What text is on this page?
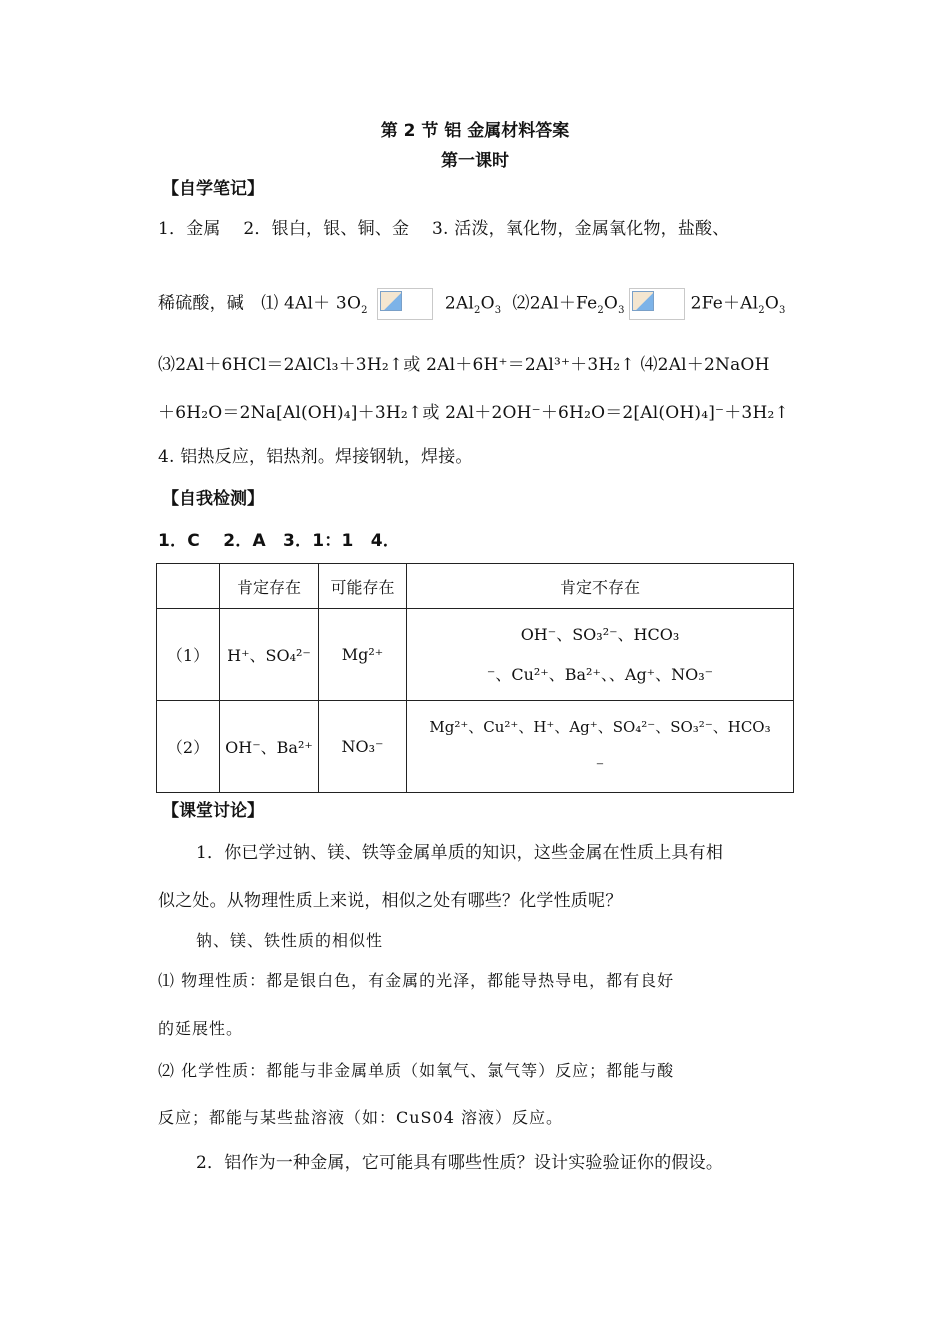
第 2 节 铝 金属材料答案
第一课时
【自学笔记】
1．金属　 2．银白，银、铜、金　 3. 活泼，氧化物，金属氧化物，盐酸、
稀硫酸，碱　⑴ $4Al+ 3O_2$	$2Al_2O_3$ $⑵2Al+Fe_2O_3$	$2Fe+Al_2O_3$
⑶2Al＋6HCl＝2AlCl₃＋3H₂↑或 2Al＋6H⁺＝2Al³⁺＋3H₂↑ ⑷2Al＋2NaOH
＋6H₂O＝2Na[Al(OH)₄]＋3H₂↑或 2Al＋2OH⁻＋6H₂O＝2[Al(OH)₄]⁻＋3H₂↑
4. 铝热反应，铝热剂。焊接钢轨，焊接。
【自我检测】
1．C　 2．A　3．1：1　4．
	肯定存在	可能存在	肯定不存在
（1）	H⁺、SO₄²⁻	Mg²⁺	OH⁻、SO₃²⁻、HCO₃
⁻、Cu²⁺、Ba²⁺、、Ag⁺、NO₃⁻

（2）	OH⁻、Ba²⁺	NO₃⁻	Mg²⁺、Cu²⁺、H⁺、Ag⁺、SO₄²⁻、SO₃²⁻、HCO₃
⁻
【课堂讨论】
1．你已学过钠、镁、铁等金属单质的知识，这些金属在性质上具有相
似之处。从物理性质上来说，相似之处有哪些？化学性质呢？
钠、镁、铁性质的相似性
⑴ 物理性质：都是银白色，有金属的光泽，都能导热导电，都有良好
的延展性。
⑵ 化学性质：都能与非金属单质（如氧气、氯气等）反应；都能与酸
反应；都能与某些盐溶液（如：CuS04 溶液）反应。
2．铝作为一种金属，它可能具有哪些性质？设计实验验证你的假设。
